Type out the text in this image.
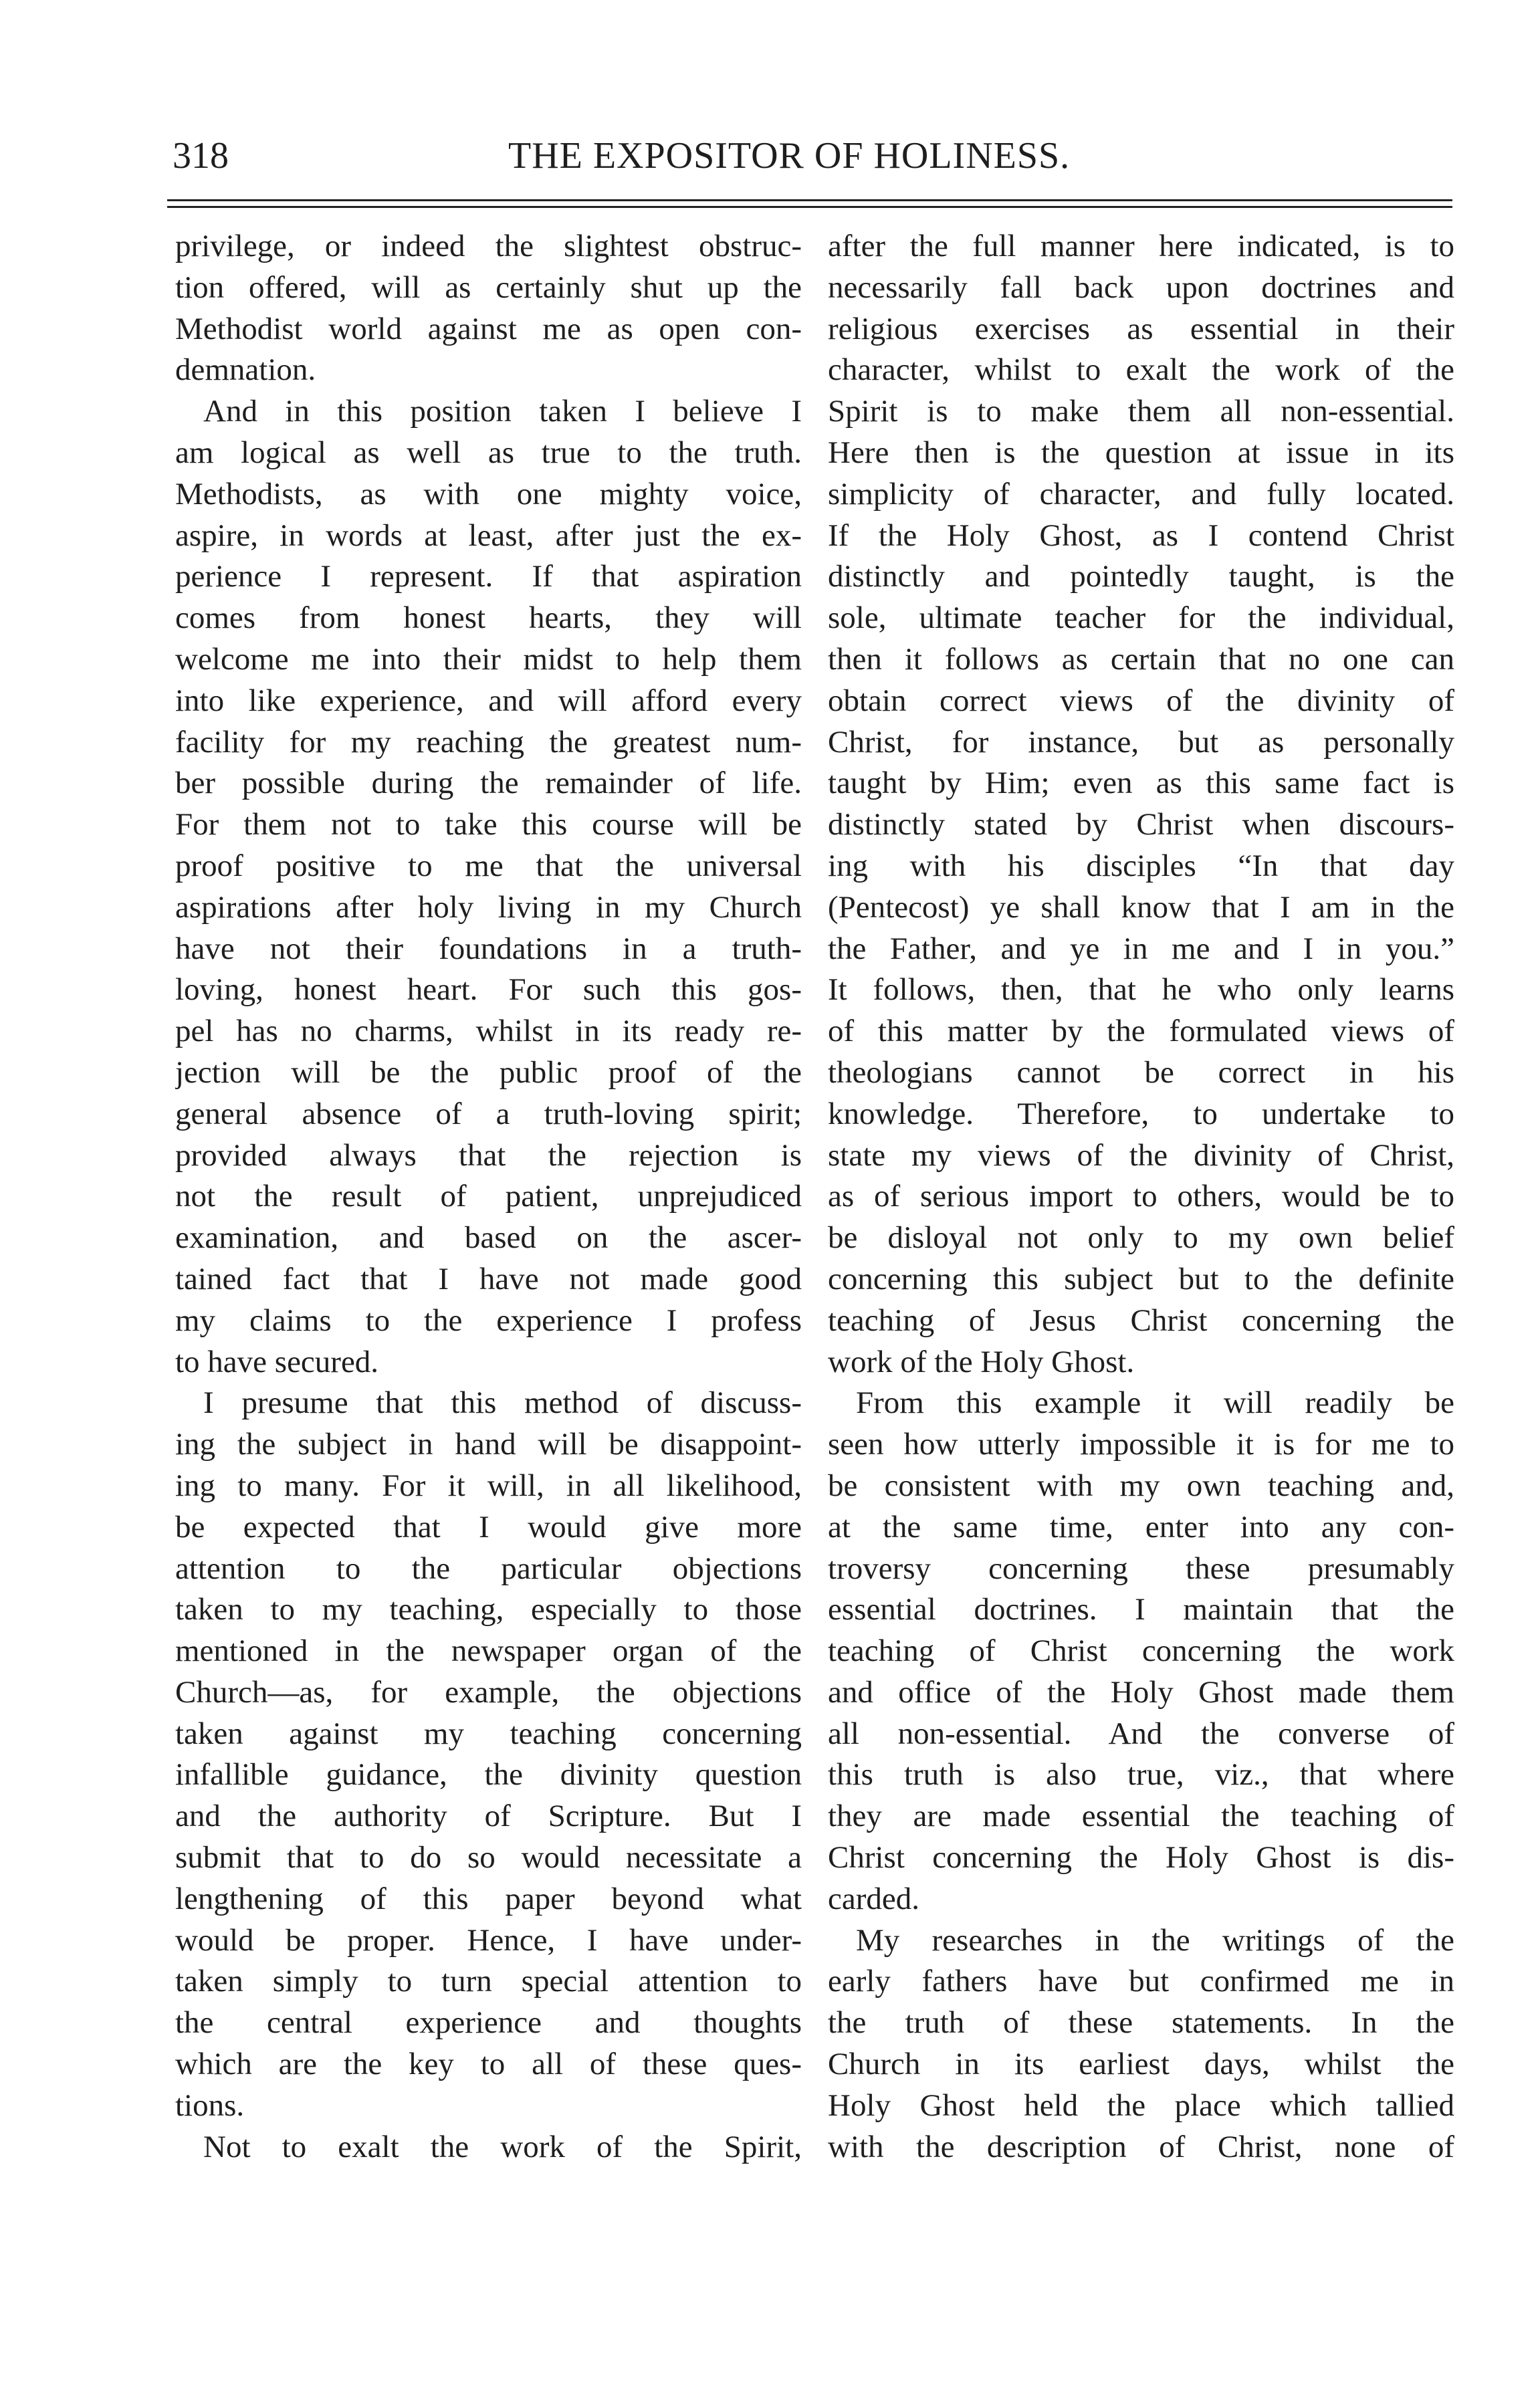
318	THE EXPOSITOR OF HOLINESS.
privilege, or indeed the slightest obstruc-
tion offered, will as certainly shut up the
Methodist world against me as open con-
demnation.
And in this position taken I believe I
am logical as well as true to the truth.
Methodists, as with one mighty voice,
aspire, in words at least, after just the ex-
perience I represent. If that aspiration
comes from honest hearts, they will
welcome me into their midst to help them
into like experience, and will afford every
facility for my reaching the greatest num-
ber possible during the remainder of life.
For them not to take this course will be
proof positive to me that the universal
aspirations after holy living in my Church
have not their foundations in a truth-
loving, honest heart. For such this gos-
pel has no charms, whilst in its ready re-
jection will be the public proof of the
general absence of a truth-loving spirit;
provided always that the rejection is
not the result of patient, unprejudiced
examination, and based on the ascer-
tained fact that I have not made good
my claims to the experience I profess
to have secured.
I presume that this method of discuss-
ing the subject in hand will be disappoint-
ing to many. For it will, in all likelihood,
be expected that I would give more
attention to the particular objections
taken to my teaching, especially to those
mentioned in the newspaper organ of the
Church—as, for example, the objections
taken against my teaching concerning
infallible guidance, the divinity question
and the authority of Scripture. But I
submit that to do so would necessitate a
lengthening of this paper beyond what
would be proper. Hence, I have under-
taken simply to turn special attention to
the central experience and thoughts
which are the key to all of these ques-
tions.
Not to exalt the work of the Spirit,
after the full manner here indicated, is to
necessarily fall back upon doctrines and
religious exercises as essential in their
character, whilst to exalt the work of the
Spirit is to make them all non-essential.
Here then is the question at issue in its
simplicity of character, and fully located.
If the Holy Ghost, as I contend Christ
distinctly and pointedly taught, is the
sole, ultimate teacher for the individual,
then it follows as certain that no one can
obtain correct views of the divinity of
Christ, for instance, but as personally
taught by Him; even as this same fact is
distinctly stated by Christ when discours-
ing with his disciples “In that day
(Pentecost) ye shall know that I am in the
the Father, and ye in me and I in you.”
It follows, then, that he who only learns
of this matter by the formulated views of
theologians cannot be correct in his
knowledge. Therefore, to undertake to
state my views of the divinity of Christ,
as of serious import to others, would be to
be disloyal not only to my own belief
concerning this subject but to the definite
teaching of Jesus Christ concerning the
work of the Holy Ghost.
From this example it will readily be
seen how utterly impossible it is for me to
be consistent with my own teaching and,
at the same time, enter into any con-
troversy concerning these presumably
essential doctrines. I maintain that the
teaching of Christ concerning the work
and office of the Holy Ghost made them
all non-essential. And the converse of
this truth is also true, viz., that where
they are made essential the teaching of
Christ concerning the Holy Ghost is dis-
carded.
My researches in the writings of the
early fathers have but confirmed me in
the truth of these statements. In the
Church in its earliest days, whilst the
Holy Ghost held the place which tallied
with the description of Christ, none of
